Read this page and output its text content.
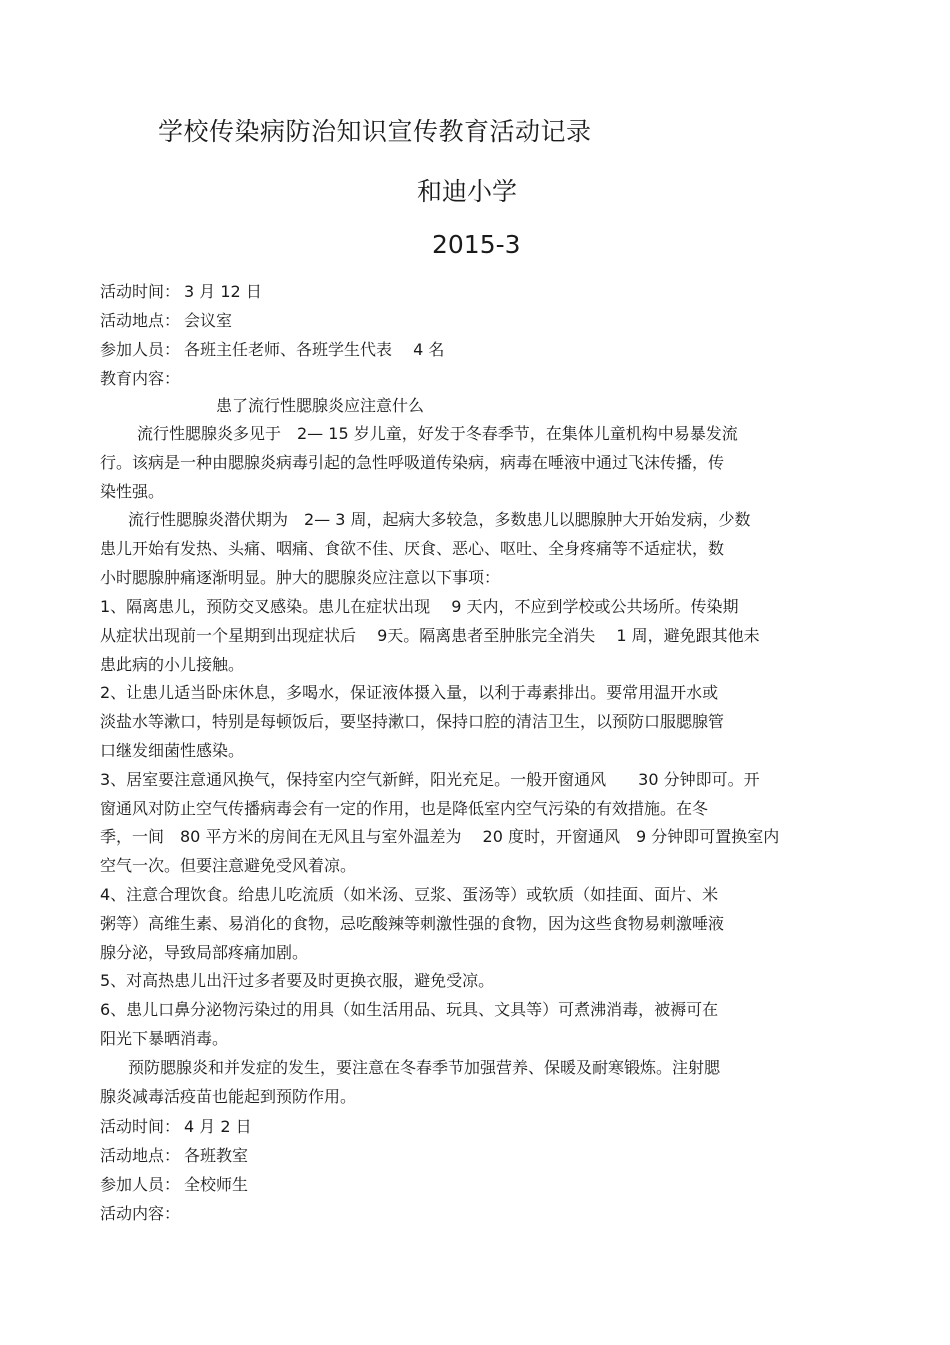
学校传染病防治知识宣传教育活动记录
和迪小学
2015-3
活动时间： 3 月 12 日
活动地点： 会议室
参加人员： 各班主任老师、各班学生代表　 4 名
教育内容：
患了流行性腮腺炎应注意什么
流行性腮腺炎多见于　2— 15 岁儿童，好发于冬春季节，在集体儿童机构中易暴发流
行。该病是一种由腮腺炎病毒引起的急性呼吸道传染病，病毒在唾液中通过飞沫传播，传
染性强。
流行性腮腺炎潜伏期为　2— 3 周，起病大多较急，多数患儿以腮腺肿大开始发病，少数
患儿开始有发热、头痛、咽痛、食欲不佳、厌食、恶心、呕吐、全身疼痛等不适症状，数
小时腮腺肿痛逐渐明显。肿大的腮腺炎应注意以下事项：
1、隔离患儿，预防交叉感染。患儿在症状出现　 9 天内，不应到学校或公共场所。传染期
从症状出现前一个星期到出现症状后　 9天。隔离患者至肿胀完全消失　 1 周，避免跟其他未
患此病的小儿接触。
2、让患儿适当卧床休息，多喝水，保证液体摄入量，以利于毒素排出。要常用温开水或
淡盐水等漱口，特别是每顿饭后，要坚持漱口，保持口腔的清洁卫生，以预防口服腮腺管
口继发细菌性感染。
3、居室要注意通风换气，保持室内空气新鲜，阳光充足。一般开窗通风　　30 分钟即可。开
窗通风对防止空气传播病毒会有一定的作用，也是降低室内空气污染的有效措施。在冬
季，一间　80 平方米的房间在无风且与室外温差为　 20 度时，开窗通风　9 分钟即可置换室内
空气一次。但要注意避免受风着凉。
4、注意合理饮食。给患儿吃流质（如米汤、豆浆、蛋汤等）或软质（如挂面、面片、米
粥等）高维生素、易消化的食物，忌吃酸辣等刺激性强的食物，因为这些食物易刺激唾液
腺分泌，导致局部疼痛加剧。
5、对高热患儿出汗过多者要及时更换衣服，避免受凉。
6、患儿口鼻分泌物污染过的用具（如生活用品、玩具、文具等）可煮沸消毒，被褥可在
阳光下暴晒消毒。
预防腮腺炎和并发症的发生，要注意在冬春季节加强营养、保暖及耐寒锻炼。注射腮
腺炎减毒活疫苗也能起到预防作用。
活动时间： 4 月 2 日
活动地点： 各班教室
参加人员： 全校师生
活动内容：
